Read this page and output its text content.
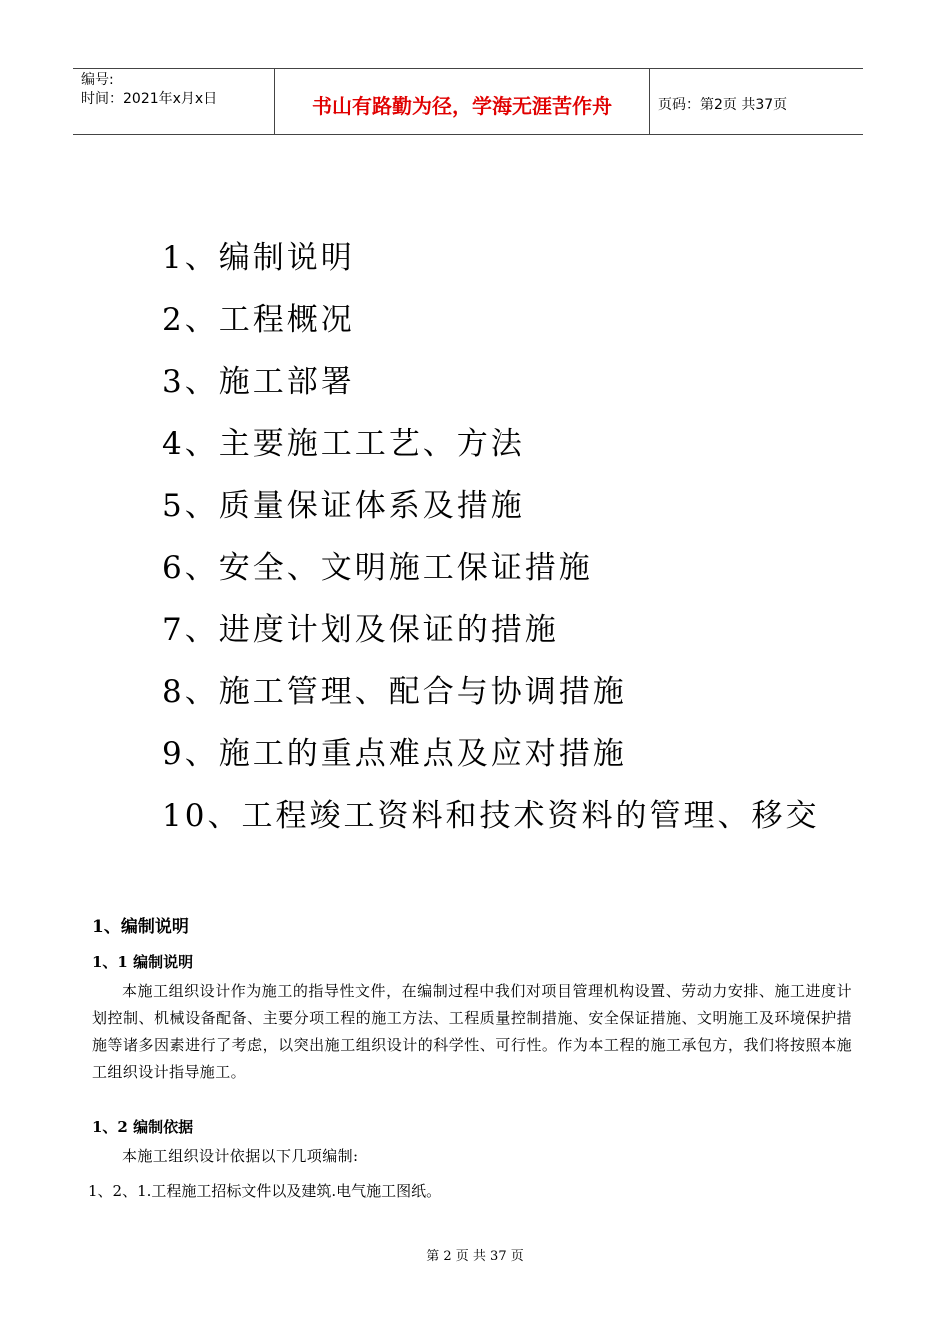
编号:
时间：2021年x月x日	书山有路勤为径，学海无涯苦作舟	页码：第2页 共37页
1、编制说明
2、工程概况
3、施工部署
4、主要施工工艺、方法
5、质量保证体系及措施
6、安全、文明施工保证措施
7、进度计划及保证的措施
8、施工管理、配合与协调措施
9、施工的重点难点及应对措施
10、工程竣工资料和技术资料的管理、移交
1、编制说明
1、1 编制说明

本施工组织设计作为施工的指导性文件，在编制过程中我们对项目管理机构设置、劳动力安排、施工进度计划控制、机械设备配备、主要分项工程的施工方法、工程质量控制措施、安全保证措施、文明施工及环境保护措施等诸多因素进行了考虑，以突出施工组织设计的科学性、可行性。作为本工程的施工承包方，我们将按照本施工组织设计指导施工。

1、2 编制依据

本施工组织设计依据以下几项编制:

1、2、1.工程施工招标文件以及建筑.电气施工图纸。
第 2 页 共 37 页
